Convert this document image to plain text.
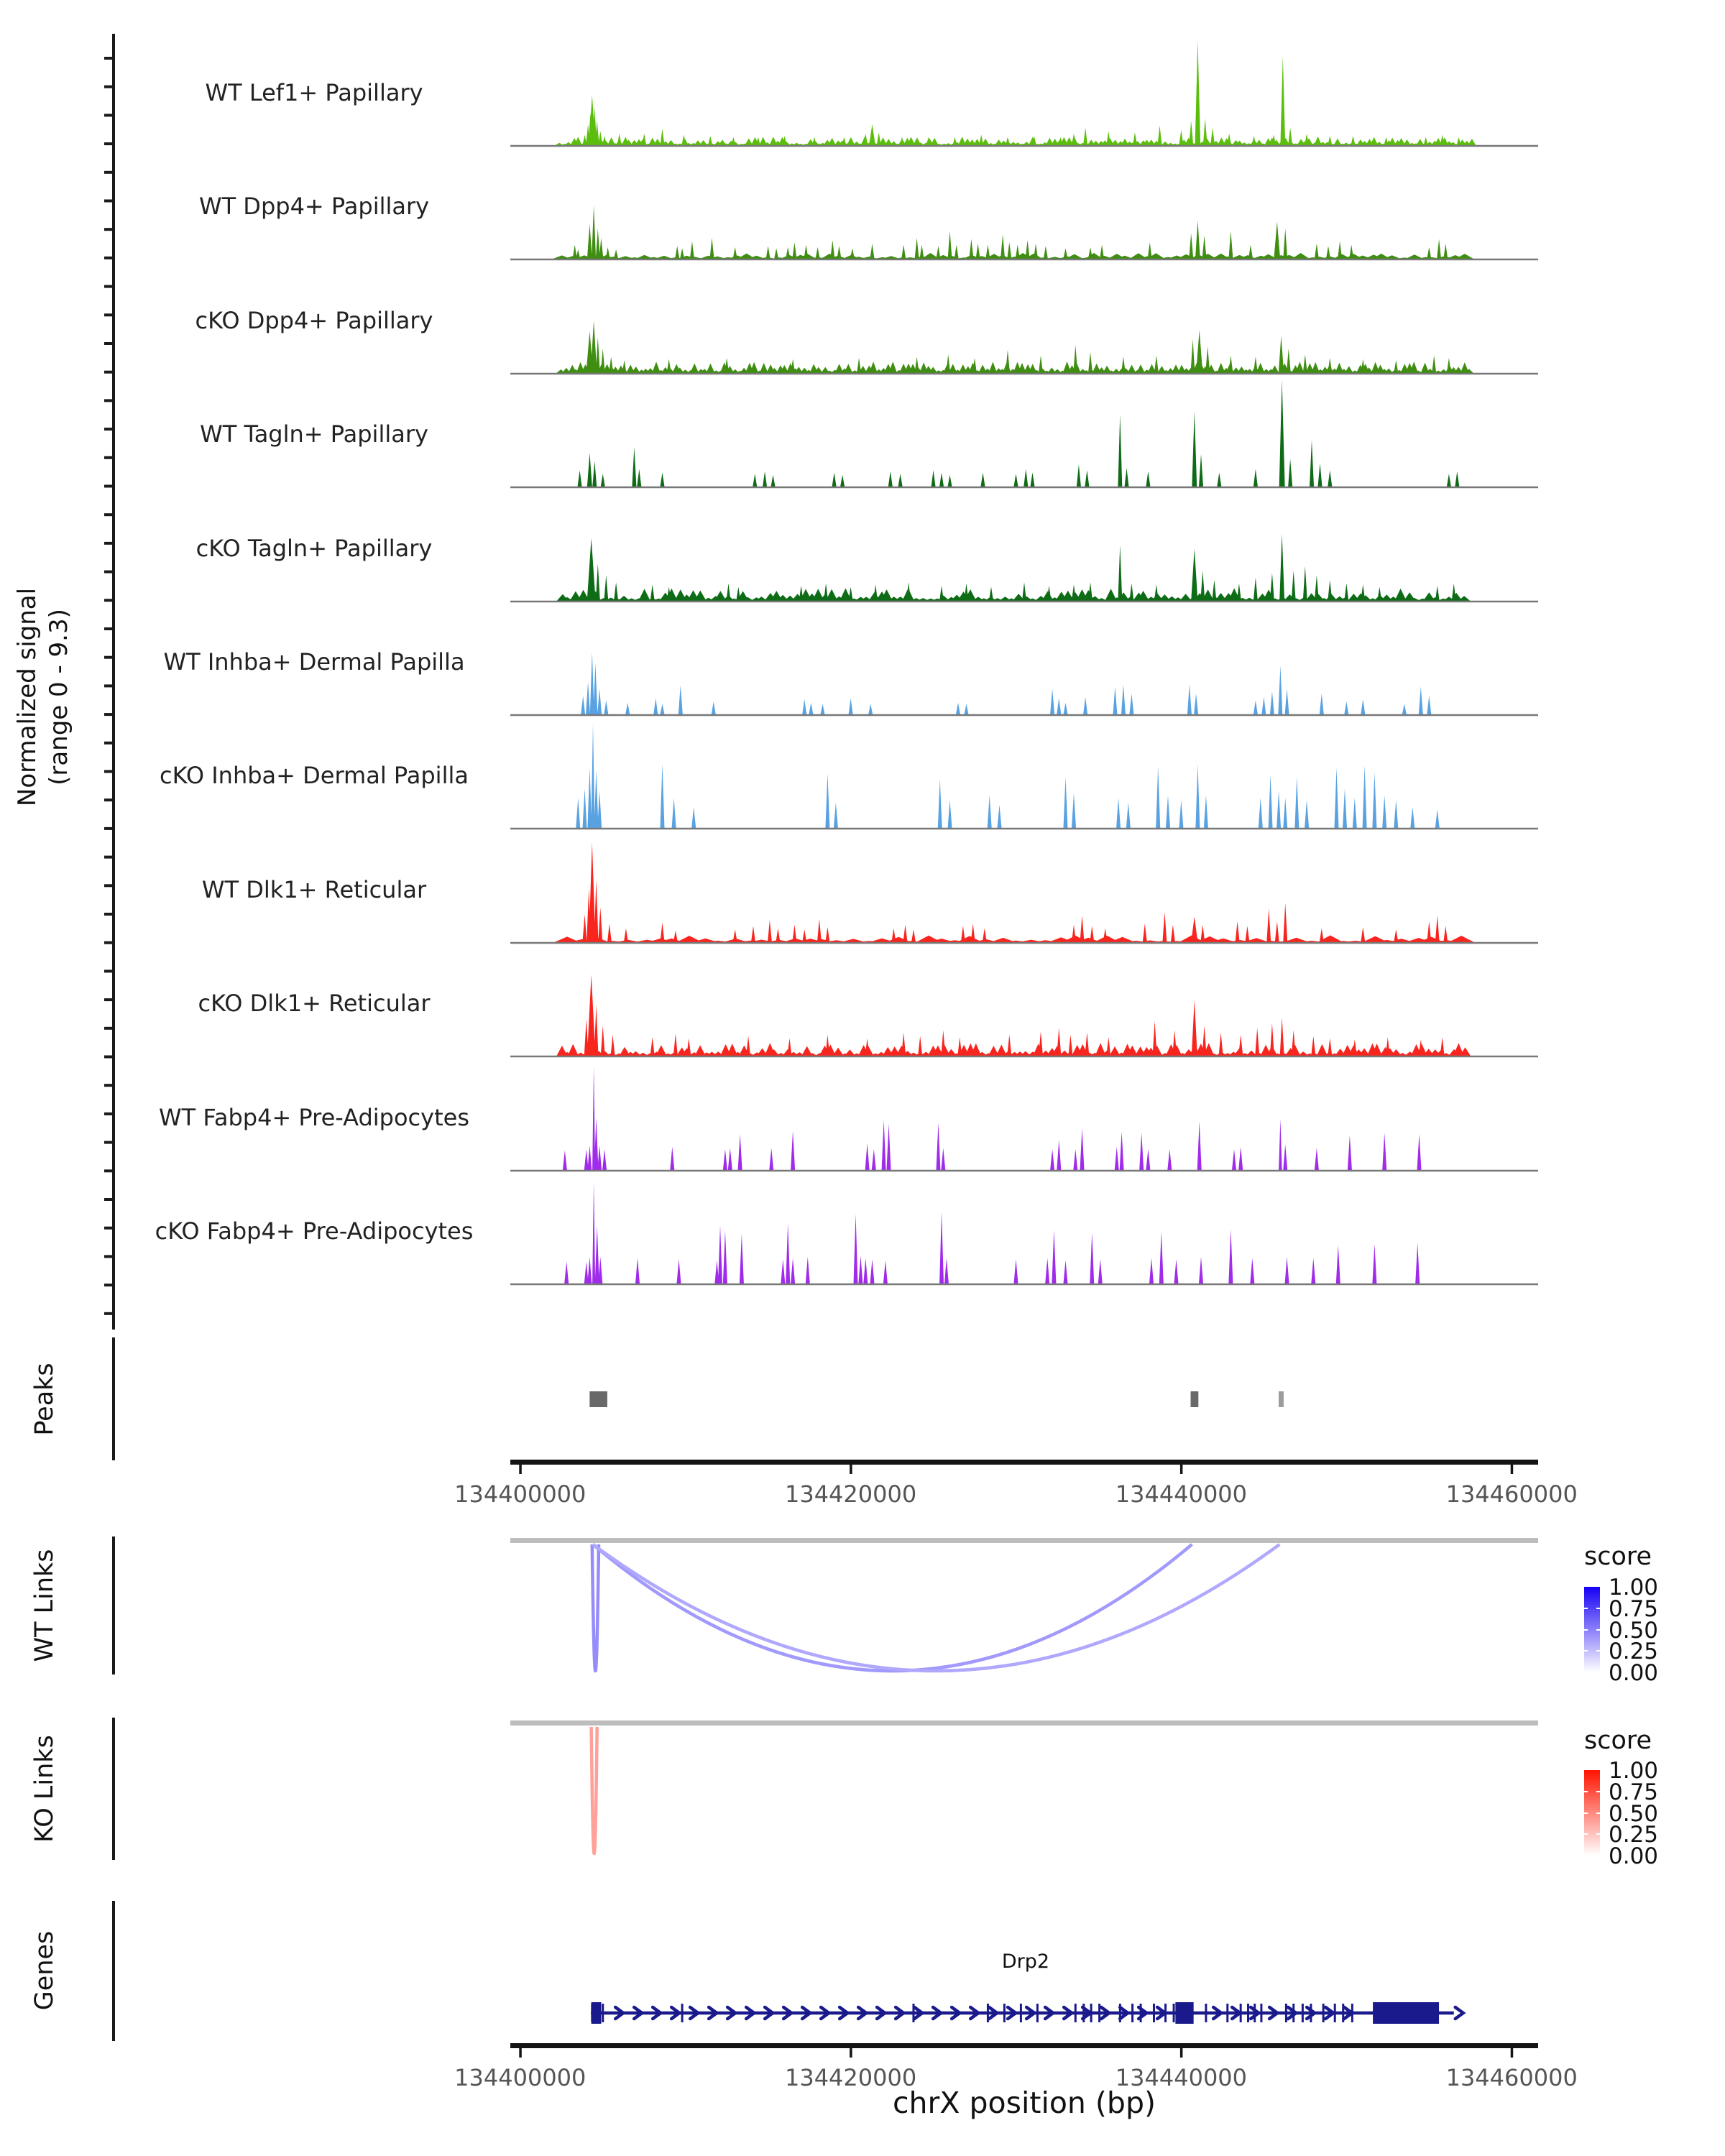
Normalized signal (range 0 - 9.3)
Peaks
WT Links
KO Links
Genes
WT Lef1+ Papillary
WT Dpp4+ Papillary
cKO Dpp4+ Papillary
WT Tagln+ Papillary
cKO Tagln+ Papillary
WT Inhba+ Dermal Papilla
cKO Inhba+ Dermal Papilla
WT Dlk1+ Reticular
cKO Dlk1+ Reticular
WT Fabp4+ Pre-Adipocytes
cKO Fabp4+ Pre-Adipocytes
134400000	134420000	134440000	134460000
134400000	134420000	134440000	134460000
score
1.00
0.75
0.50
0.25
0.00
score
1.00
0.75
0.50
0.25
0.00
Drp2
chrX position (bp)
